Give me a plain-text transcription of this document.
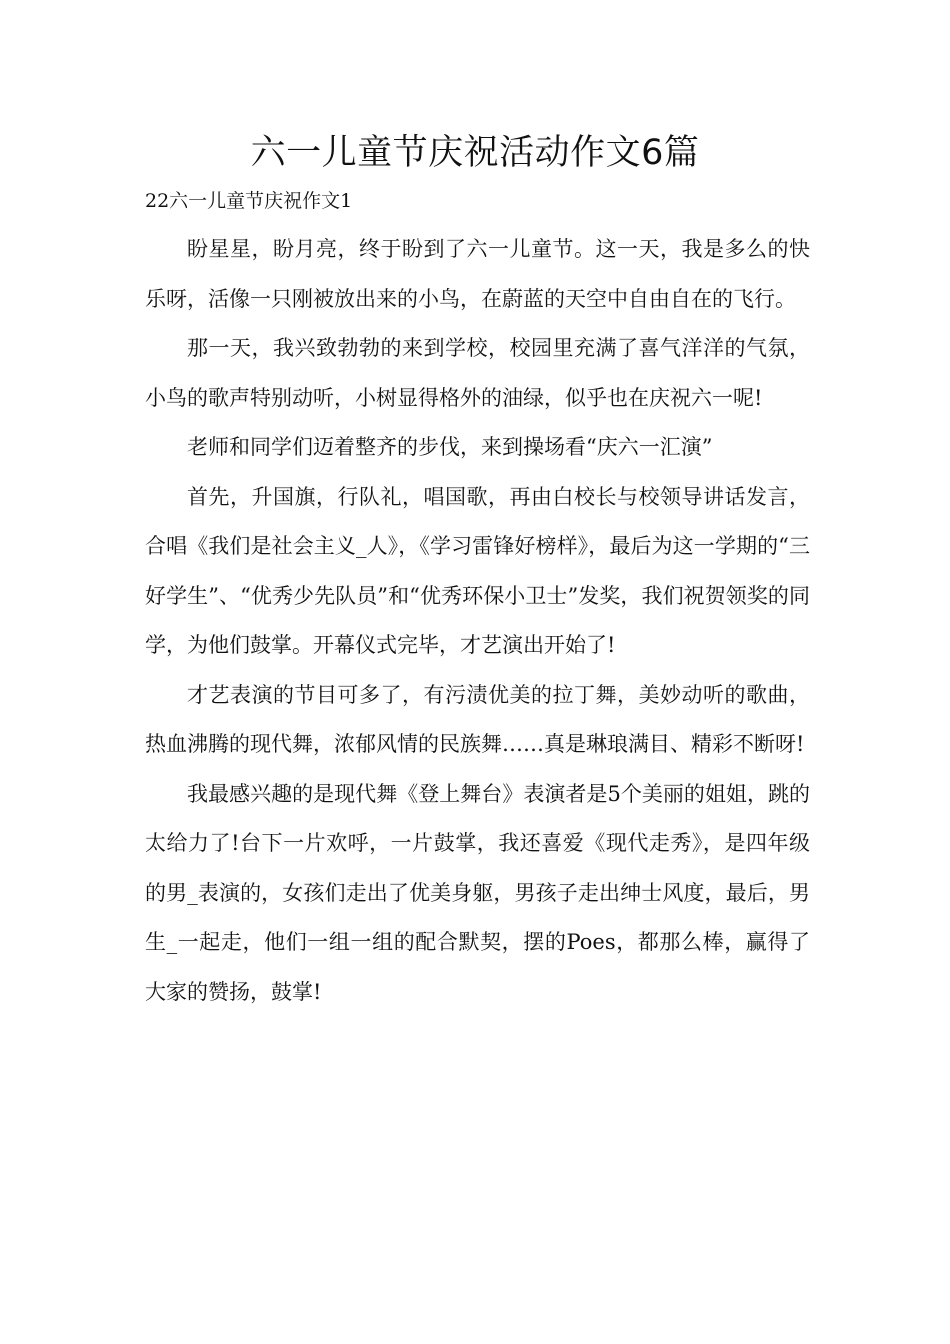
六一儿童节庆祝活动作文6篇

22六一儿童节庆祝作文1

盼星星，盼月亮，终于盼到了六一儿童节。这一天，我是多么的快乐呀，活像一只刚被放出来的小鸟，在蔚蓝的天空中自由自在的飞行。

那一天，我兴致勃勃的来到学校，校园里充满了喜气洋洋的气氛，小鸟的歌声特别动听，小树显得格外的油绿，似乎也在庆祝六一呢!

老师和同学们迈着整齐的步伐，来到操场看“庆六一汇演”

首先，升国旗，行队礼，唱国歌，再由白校长与校领导讲话发言，合唱《我们是社会主义_人》，《学习雷锋好榜样》，最后为这一学期的“三好学生”、“优秀少先队员”和“优秀环保小卫士”发奖，我们祝贺领奖的同学，为他们鼓掌。开幕仪式完毕，才艺演出开始了!

才艺表演的节目可多了，有污渍优美的拉丁舞，美妙动听的歌曲，热血沸腾的现代舞，浓郁风情的民族舞……真是琳琅满目、精彩不断呀!

我最感兴趣的是现代舞《登上舞台》表演者是5个美丽的姐姐，跳的太给力了!台下一片欢呼，一片鼓掌，我还喜爱《现代走秀》，是四年级的男_表演的，女孩们走出了优美身躯，男孩子走出绅士风度，最后，男生_一起走，他们一组一组的配合默契，摆的Poes，都那么棒，赢得了大家的赞扬，鼓掌!
